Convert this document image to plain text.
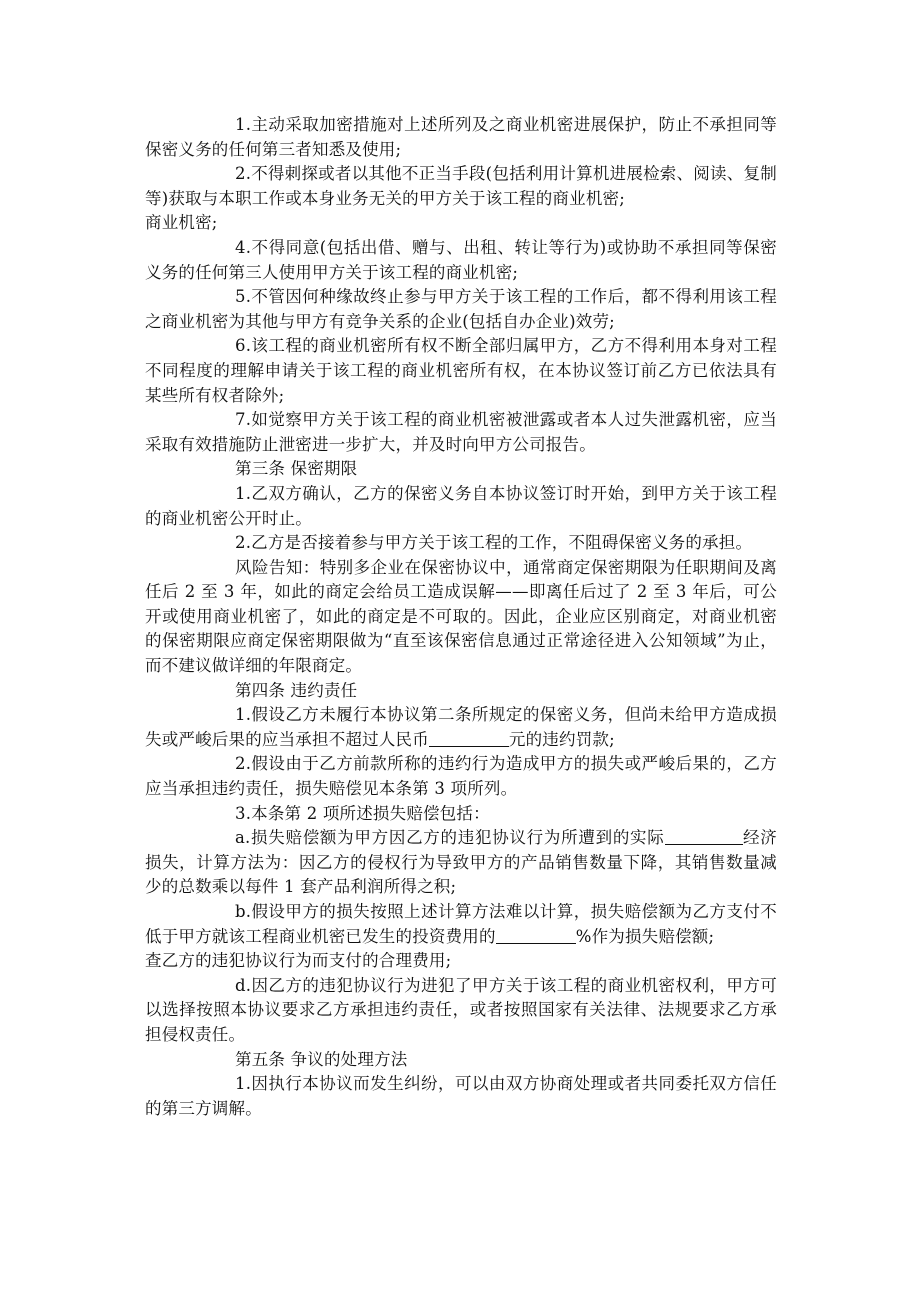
1.主动采取加密措施对上述所列及之商业机密进展保护，防止不承担同等保密义务的任何第三者知悉及使用;

2.不得刺探或者以其他不正当手段(包括利用计算机进展检索、阅读、复制等)获取与本职工作或本身业务无关的甲方关于该工程的商业机密;

商业机密;

4.不得同意(包括出借、赠与、出租、转让等行为)或协助不承担同等保密义务的任何第三人使用甲方关于该工程的商业机密;

5.不管因何种缘故终止参与甲方关于该工程的工作后，都不得利用该工程之商业机密为其他与甲方有竞争关系的企业(包括自办企业)效劳;

6.该工程的商业机密所有权不断全部归属甲方，乙方不得利用本身对工程不同程度的理解申请关于该工程的商业机密所有权，在本协议签订前乙方已依法具有某些所有权者除外;

7.如觉察甲方关于该工程的商业机密被泄露或者本人过失泄露机密，应当采取有效措施防止泄密进一步扩大，并及时向甲方公司报告。

第三条 保密期限

1.乙双方确认，乙方的保密义务自本协议签订时开始，到甲方关于该工程的商业机密公开时止。

2.乙方是否接着参与甲方关于该工程的工作，不阻碍保密义务的承担。

风险告知：特别多企业在保密协议中，通常商定保密期限为任职期间及离任后 2 至 3 年，如此的商定会给员工造成误解——即离任后过了 2 至 3 年后，可公开或使用商业机密了，如此的商定是不可取的。因此，企业应区别商定，对商业机密的保密期限应商定保密期限做为“直至该保密信息通过正常途径进入公知领域”为止，而不建议做详细的年限商定。

第四条 违约责任

1.假设乙方未履行本协议第二条所规定的保密义务，但尚未给甲方造成损失或严峻后果的应当承担不超过人民币	元的违约罚款;

2.假设由于乙方前款所称的违约行为造成甲方的损失或严峻后果的，乙方应当承担违约责任，损失赔偿见本条第 3 项所列。

3.本条第 2 项所述损失赔偿包括：

a.损失赔偿额为甲方因乙方的违犯协议行为所遭到的实际	经济损失，计算方法为：因乙方的侵权行为导致甲方的产品销售数量下降，其销售数量减少的总数乘以每件 1 套产品利润所得之积;

b.假设甲方的损失按照上述计算方法难以计算，损失赔偿额为乙方支付不低于甲方就该工程商业机密已发生的投资费用的	%作为损失赔偿额;

查乙方的违犯协议行为而支付的合理费用;

d.因乙方的违犯协议行为进犯了甲方关于该工程的商业机密权利，甲方可以选择按照本协议要求乙方承担违约责任，或者按照国家有关法律、法规要求乙方承担侵权责任。

第五条 争议的处理方法

1.因执行本协议而发生纠纷，可以由双方协商处理或者共同委托双方信任的第三方调解。
